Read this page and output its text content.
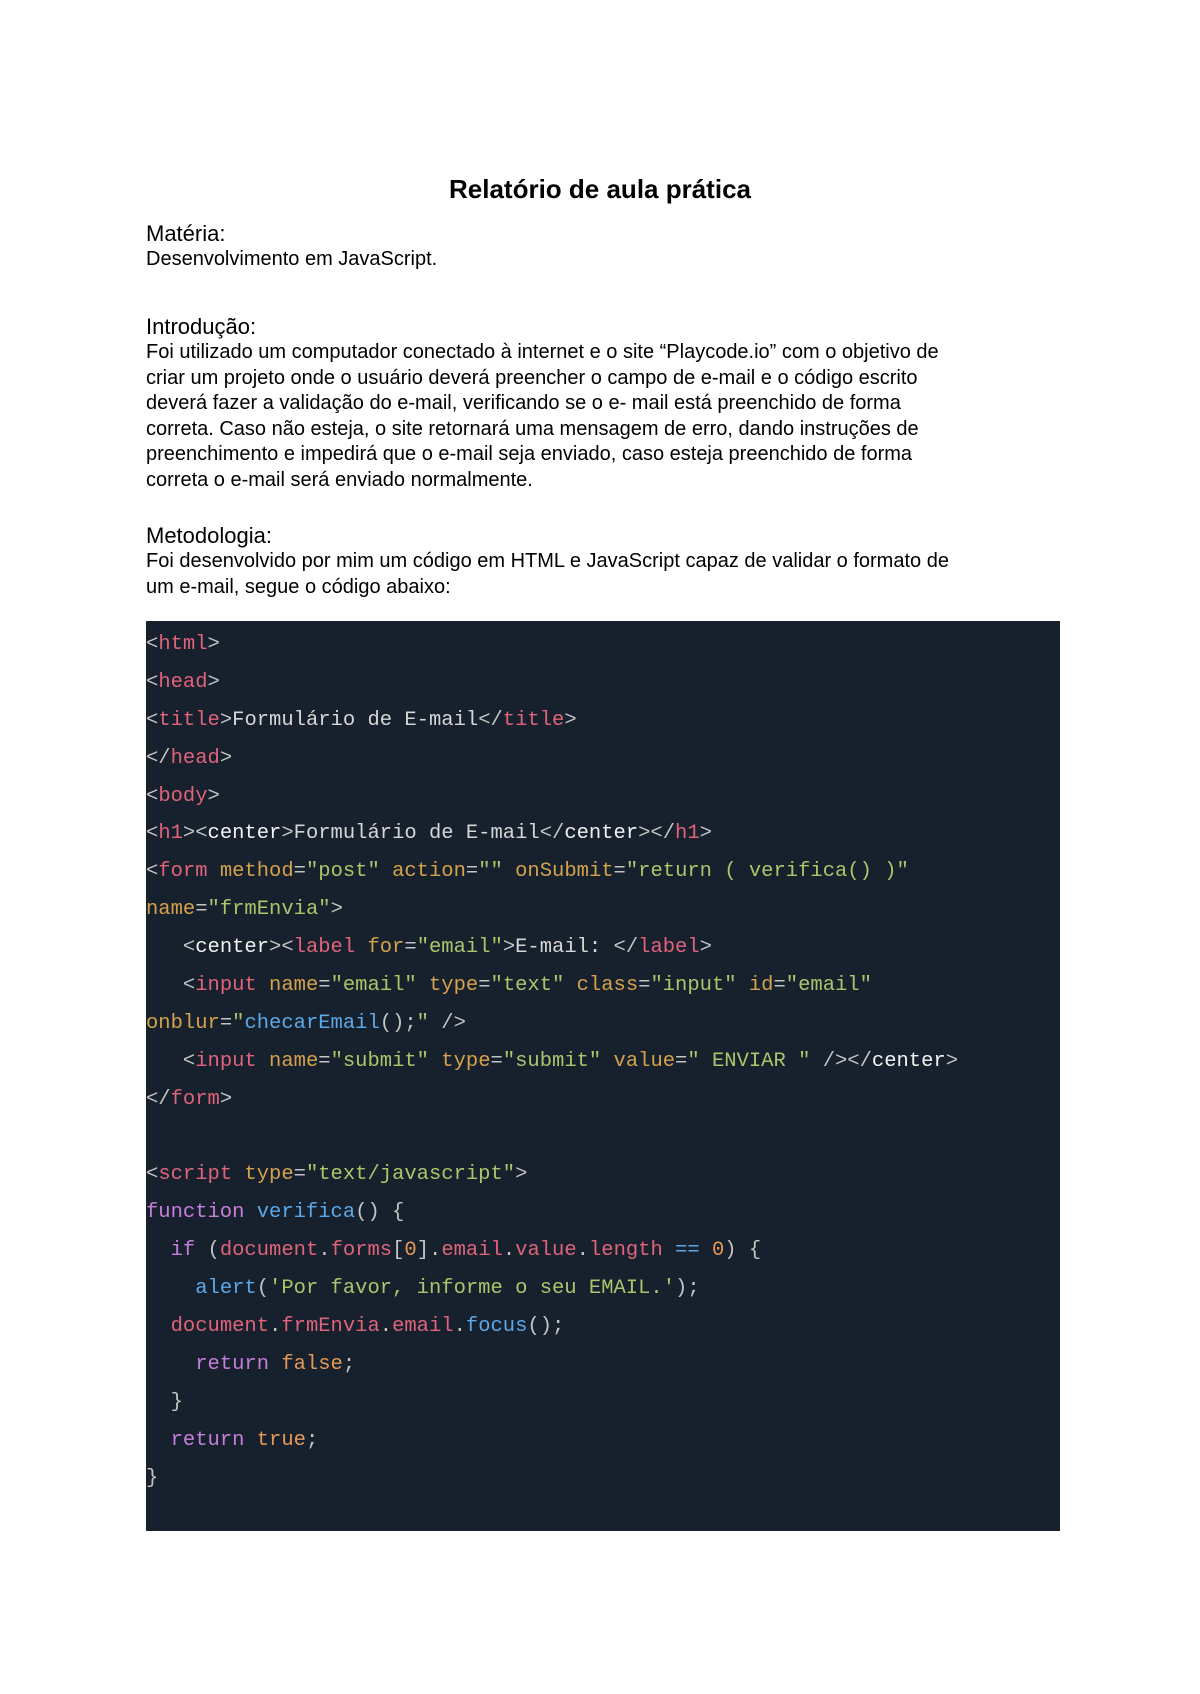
Relatório de aula prática
Matéria:
Desenvolvimento em JavaScript.
Introdução:
Foi utilizado um computador conectado à internet e o site “Playcode.io” com o objetivo de
criar um projeto onde o usuário deverá preencher o campo de e-mail e o código escrito
deverá fazer a validação do e-mail, verificando se o e- mail está preenchido de forma
correta. Caso não esteja, o site retornará uma mensagem de erro, dando instruções de
preenchimento e impedirá que o e-mail seja enviado, caso esteja preenchido de forma
correta o e-mail será enviado normalmente.
Metodologia:
Foi desenvolvido por mim um código em HTML e JavaScript capaz de validar o formato de
um e-mail, segue o código abaixo:
<html>
<head>
<title>Formulário de E-mail</title>
</head>
<body>
<h1><center>Formulário de E-mail</center></h1>
<form method="post" action="" onSubmit="return ( verifica() )"
name="frmEnvia">
<center><label for="email">E-mail: </label>
<input name="email" type="text" class="input" id="email"
onblur="checarEmail();" />
<input name="submit" type="submit" value=" ENVIAR " /></center>
</form>
<script type="text/javascript">
function verifica() {
if (document.forms[0].email.value.length == 0) {
alert('Por favor, informe o seu EMAIL.');
document.frmEnvia.email.focus();
return false;
}
return true;
}
